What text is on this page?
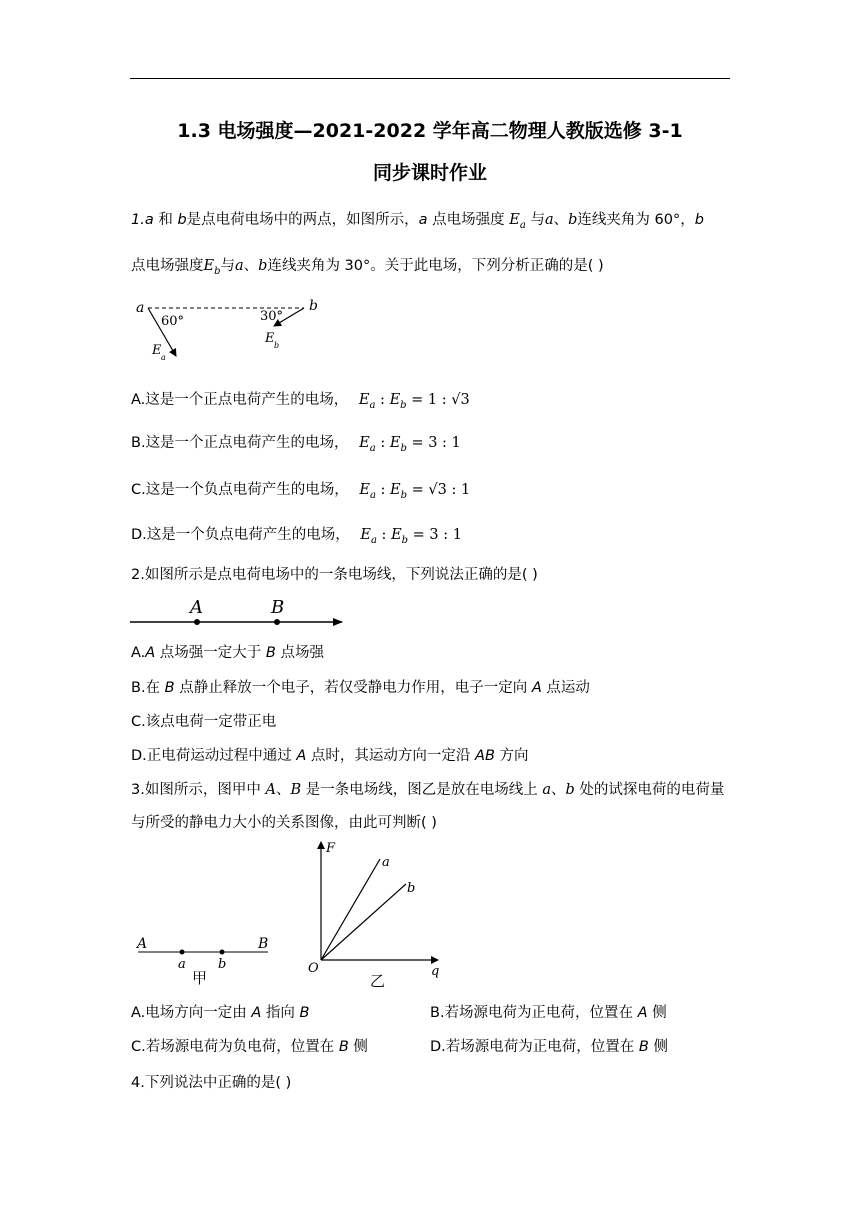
1.3 电场强度—2021-2022 学年高二物理人教版选修 3-1
同步课时作业
1.a 和 b是点电荷电场中的两点，如图所示，a 点电场强度 $E_a$ 与a、b连线夹角为 60°，b
点电场强度$E_b$与a、b连线夹角为 30°。关于此电场，下列分析正确的是( )
a	b
60°	30°
E a
E b
A.这是一个正点电荷产生的电场， $E_a$ : $E_b = 1$ : √3
B.这是一个正点电荷产生的电场， $E_a$ : $E_b = 3$ : 1
C.这是一个负点电荷产生的电场， $E_a$ : $E_b = √3$ : 1
D.这是一个负点电荷产生的电场， $E_a$ : $E_b = 3$ : 1
2.如图所示是点电荷电场中的一条电场线，下列说法正确的是( )
A	B
A.A 点场强一定大于 B 点场强
B.在 B 点静止释放一个电子，若仅受静电力作用，电子一定向 A 点运动
C.该点电荷一定带正电
D.正电荷运动过程中通过 A 点时，其运动方向一定沿 AB 方向
3.如图所示，图甲中 A、B 是一条电场线，图乙是放在电场线上 a、b 处的试探电荷的电荷量
与所受的静电力大小的关系图像，由此可判断( )
A	B
a b
甲
F
q
O
a
b
乙
A.电场方向一定由 A 指向 B	B.若场源电荷为正电荷，位置在 A 侧
C.若场源电荷为负电荷，位置在 B 侧	D.若场源电荷为正电荷，位置在 B 侧
4.下列说法中正确的是( )
